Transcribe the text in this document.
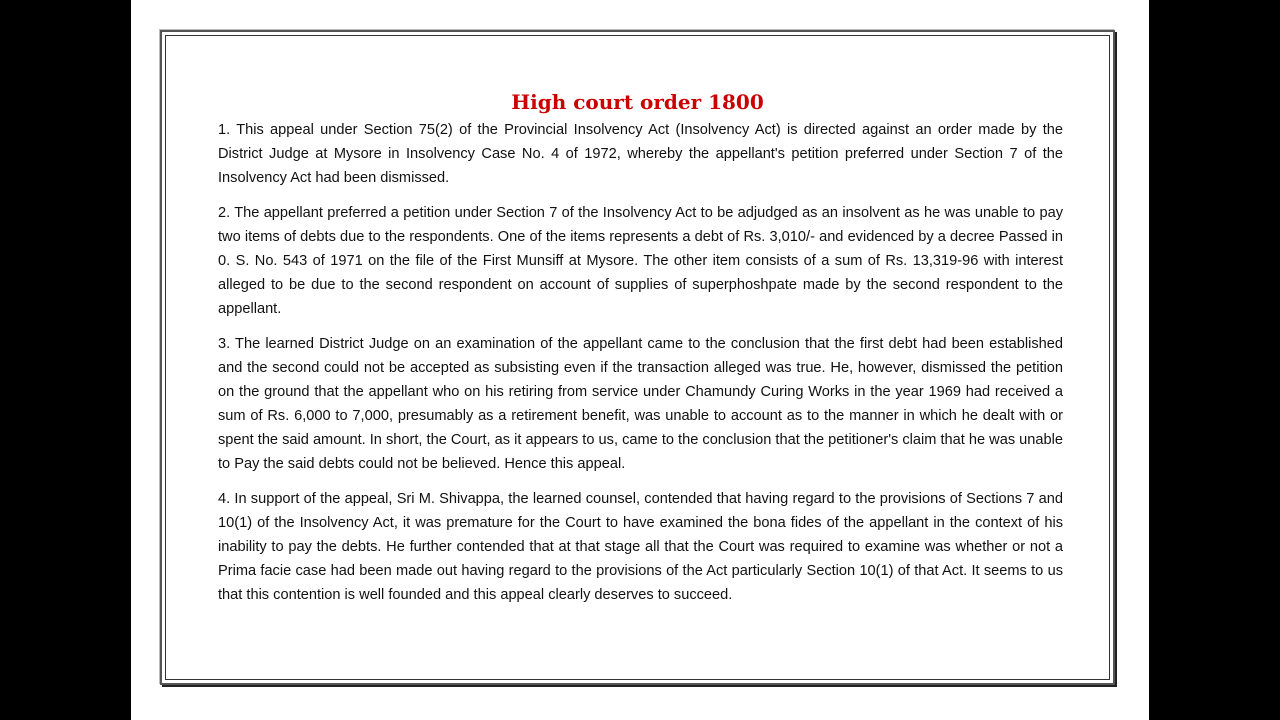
High court order 1800

1. This appeal under Section 75(2) of the Provincial Insolvency Act (Insolvency Act) is directed against an order made by the District Judge at Mysore in Insolvency Case No. 4 of 1972, whereby the appellant's petition preferred under Section 7 of the Insolvency Act had been dismissed.

2. The appellant preferred a petition under Section 7 of the Insolvency Act to be adjudged as an insolvent as he was unable to pay two items of debts due to the respondents. One of the items represents a debt of Rs. 3,010/- and evidenced by a decree Passed in 0. S. No. 543 of 1971 on the file of the First Munsiff at Mysore. The other item consists of a sum of Rs. 13,319-96 with interest alleged to be due to the second respondent on account of supplies of superphoshpate made by the second respondent to the appellant.

3. The learned District Judge on an examination of the appellant came to the conclusion that the first debt had been established and the second could not be accepted as subsisting even if the transaction alleged was true. He, however, dismissed the petition on the ground that the appellant who on his retiring from service under Chamundy Curing Works in the year 1969 had received a sum of Rs. 6,000 to 7,000, presumably as a retirement benefit, was unable to account as to the manner in which he dealt with or spent the said amount. In short, the Court, as it appears to us, came to the conclusion that the petitioner's claim that he was unable to Pay the said debts could not be believed. Hence this appeal.

4. In support of the appeal, Sri M. Shivappa, the learned counsel, contended that having regard to the provisions of Sections 7 and 10(1) of the Insolvency Act, it was premature for the Court to have examined the bona fides of the appellant in the context of his inability to pay the debts. He further contended that at that stage all that the Court was required to examine was whether or not a Prima facie case had been made out having regard to the provisions of the Act particularly Section 10(1) of that Act. It seems to us that this contention is well founded and this appeal clearly deserves to succeed.
